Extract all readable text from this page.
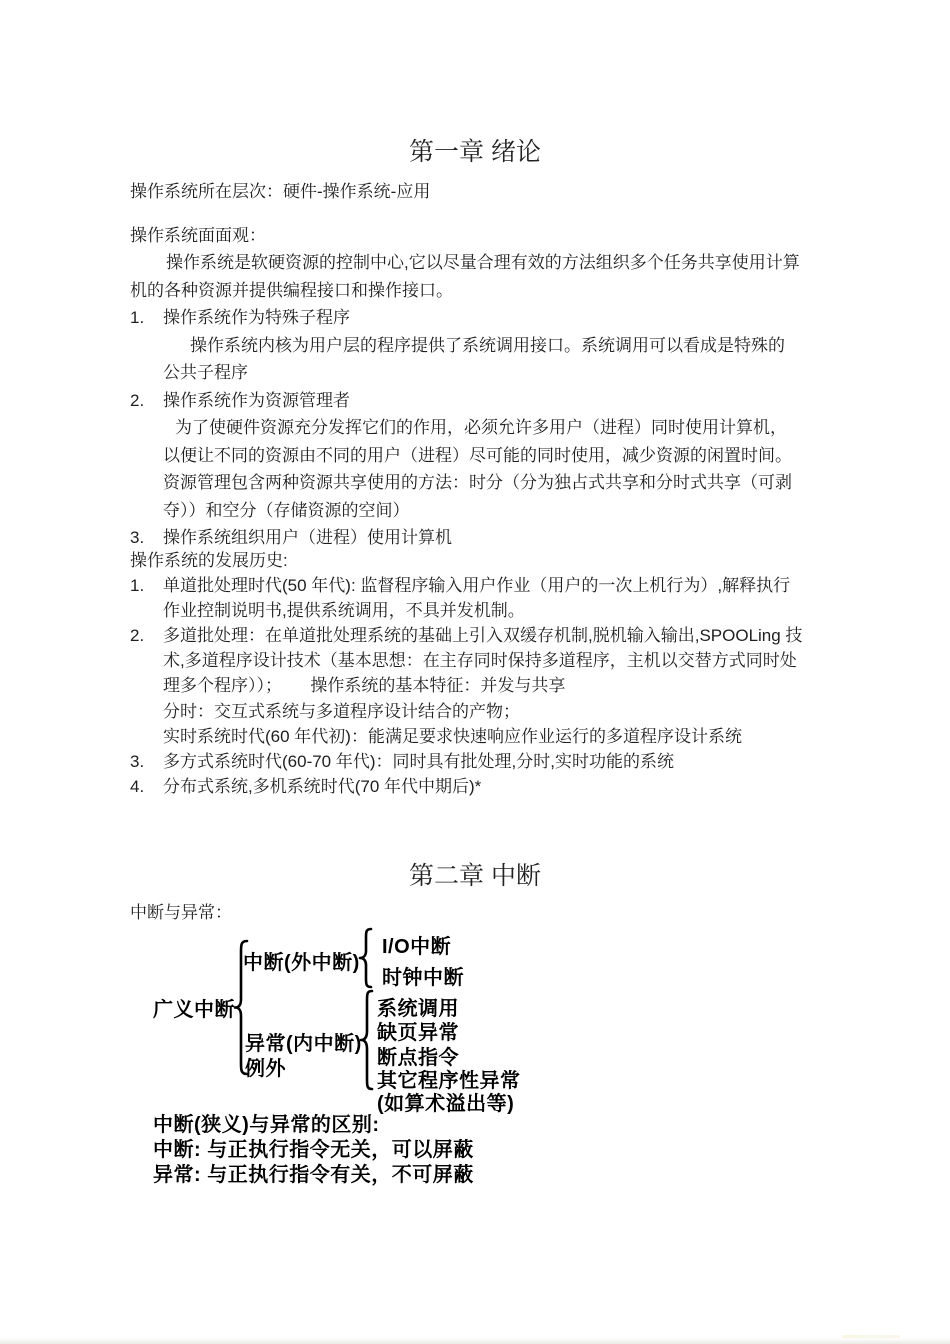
第一章 绪论
操作系统所在层次：硬件-操作系统-应用
操作系统面面观：
操作系统是软硬资源的控制中心,它以尽量合理有效的方法组织多个任务共享使用计算
机的各种资源并提供编程接口和操作接口。
1. 操作系统作为特殊子程序
操作系统内核为用户层的程序提供了系统调用接口。系统调用可以看成是特殊的
公共子程序
2. 操作系统作为资源管理者
为了使硬件资源充分发挥它们的作用，必须允许多用户（进程）同时使用计算机，
以便让不同的资源由不同的用户（进程）尽可能的同时使用，减少资源的闲置时间。
资源管理包含两种资源共享使用的方法：时分（分为独占式共享和分时式共享（可剥
夺））和空分（存储资源的空间）
3. 操作系统组织用户（进程）使用计算机
操作系统的发展历史:
1. 单道批处理时代(50 年代): 监督程序输入用户作业（用户的一次上机行为）,解释执行
作业控制说明书,提供系统调用，不具并发机制。
2. 多道批处理：在单道批处理系统的基础上引入双缓存机制,脱机输入输出,SPOOLing 技
术,多道程序设计技术（基本思想：在主存同时保持多道程序，主机以交替方式同时处
理多个程序））；      操作系统的基本特征：并发与共享
分时：交互式系统与多道程序设计结合的产物；
实时系统时代(60 年代初)：能满足要求快速响应作业运行的多道程序设计系统
3. 多方式系统时代(60-70 年代)：同时具有批处理,分时,实时功能的系统
4. 分布式系统,多机系统时代(70 年代中期后)*
第二章 中断
中断与异常：
广义中断
中断(外中断)
I/O中断
时钟中断
异常(内中断)
例外
系统调用
缺页异常
断点指令
其它程序性异常
(如算术溢出等)
中断(狭义)与异常的区别:
中断: 与正执行指令无关，可以屏蔽
异常: 与正执行指令有关，不可屏蔽
